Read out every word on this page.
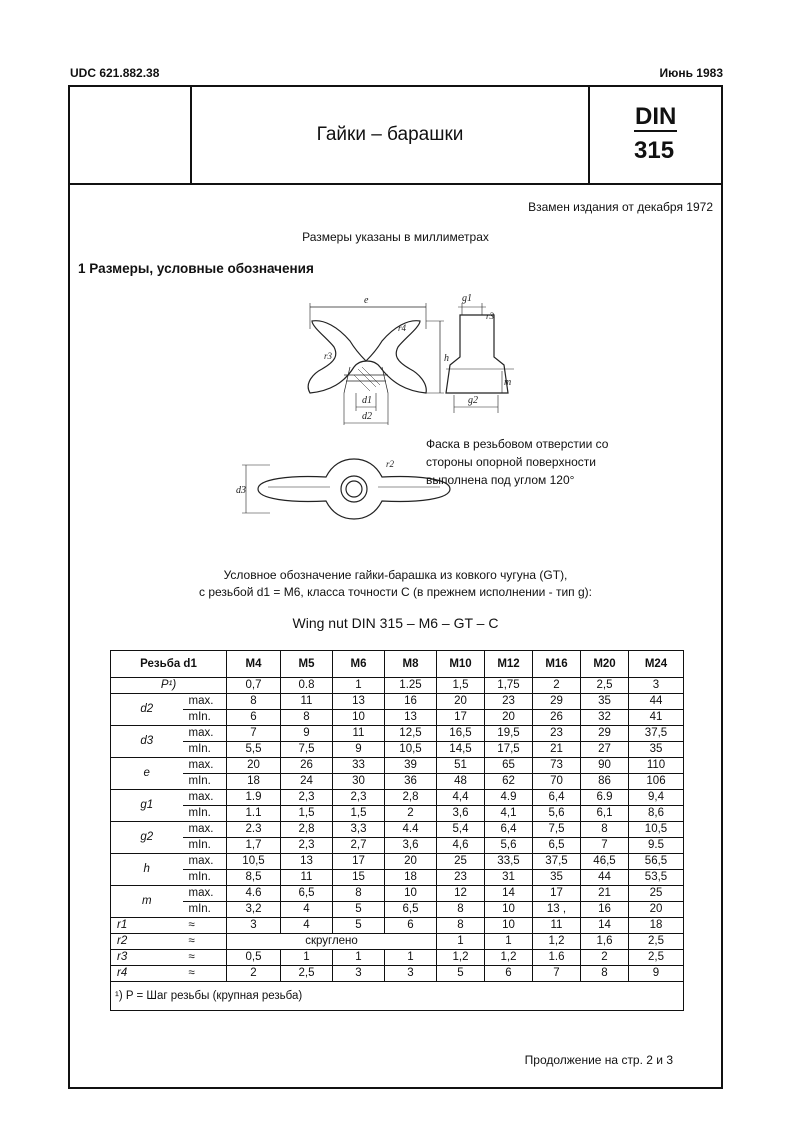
UDC 621.882.38	Июнь 1983
Гайки – барашки
DIN
315
Взамен издания от декабря 1972
Размеры указаны в миллиметрах
1 Размеры, условные обозначения
e
h
r3
r4
d1
d2
g1
r3
g2
m
d3
r2
Фаска в резьбовом отверстии со
стороны опорной поверхности
выполнена под углом 120°
Условное обозначение гайки-барашка из ковкого чугуна (GT),
с резьбой d1 = M6, класса точности C (в прежнем исполнении - тип g):
Wing nut DIN 315 – M6 – GT – C
Резьба d1		M4	M5	M6	M8	M10	M12	M16	M20	M24
P¹)		0,7	0.8	1	1.25	1,5	1,75	2	2,5	3
d2	max.	8	11	13	16	20	23	29	35	44
	mIn.	6	8	10	13	17	20	26	32	41
d3	max.	7	9	11	12,5	16,5	19,5	23	29	37,5
	mIn.	5,5	7,5	9	10,5	14,5	17,5	21	27	35
e	max.	20	26	33	39	51	65	73	90	110
	mIn.	18	24	30	36	48	62	70	86	106
g1	max.	1.9	2,3	2,3	2,8	4,4	4.9	6,4	6.9	9,4
	mIn.	1.1	1,5	1,5	2	3,6	4,1	5,6	6,1	8,6
g2	max.	2.3	2,8	3,3	4.4	5,4	6,4	7,5	8	10,5
	mIn.	1,7	2,3	2,7	3,6	4,6	5,6	6,5	7	9.5
h	max.	10,5	13	17	20	25	33,5	37,5	46,5	56,5
	mIn.	8,5	11	15	18	23	31	35	44	53,5
m	max.	4.6	6,5	8	10	12	14	17	21	25
	mIn.	3,2	4	5	6,5	8	10	13 ,	16	20
r1	≈	3	4	5	6	8	10	11	14	18
r2	≈	скруглено				1	1	1,2	1,6	2,5
r3	≈	0,5	1	1	1	1,2	1,2	1.6	2	2,5
r4	≈	2	2,5	3	3	5	6	7	8	9
¹) P = Шаг резьбы (крупная резьба)										
Продолжение на стр. 2 и 3
